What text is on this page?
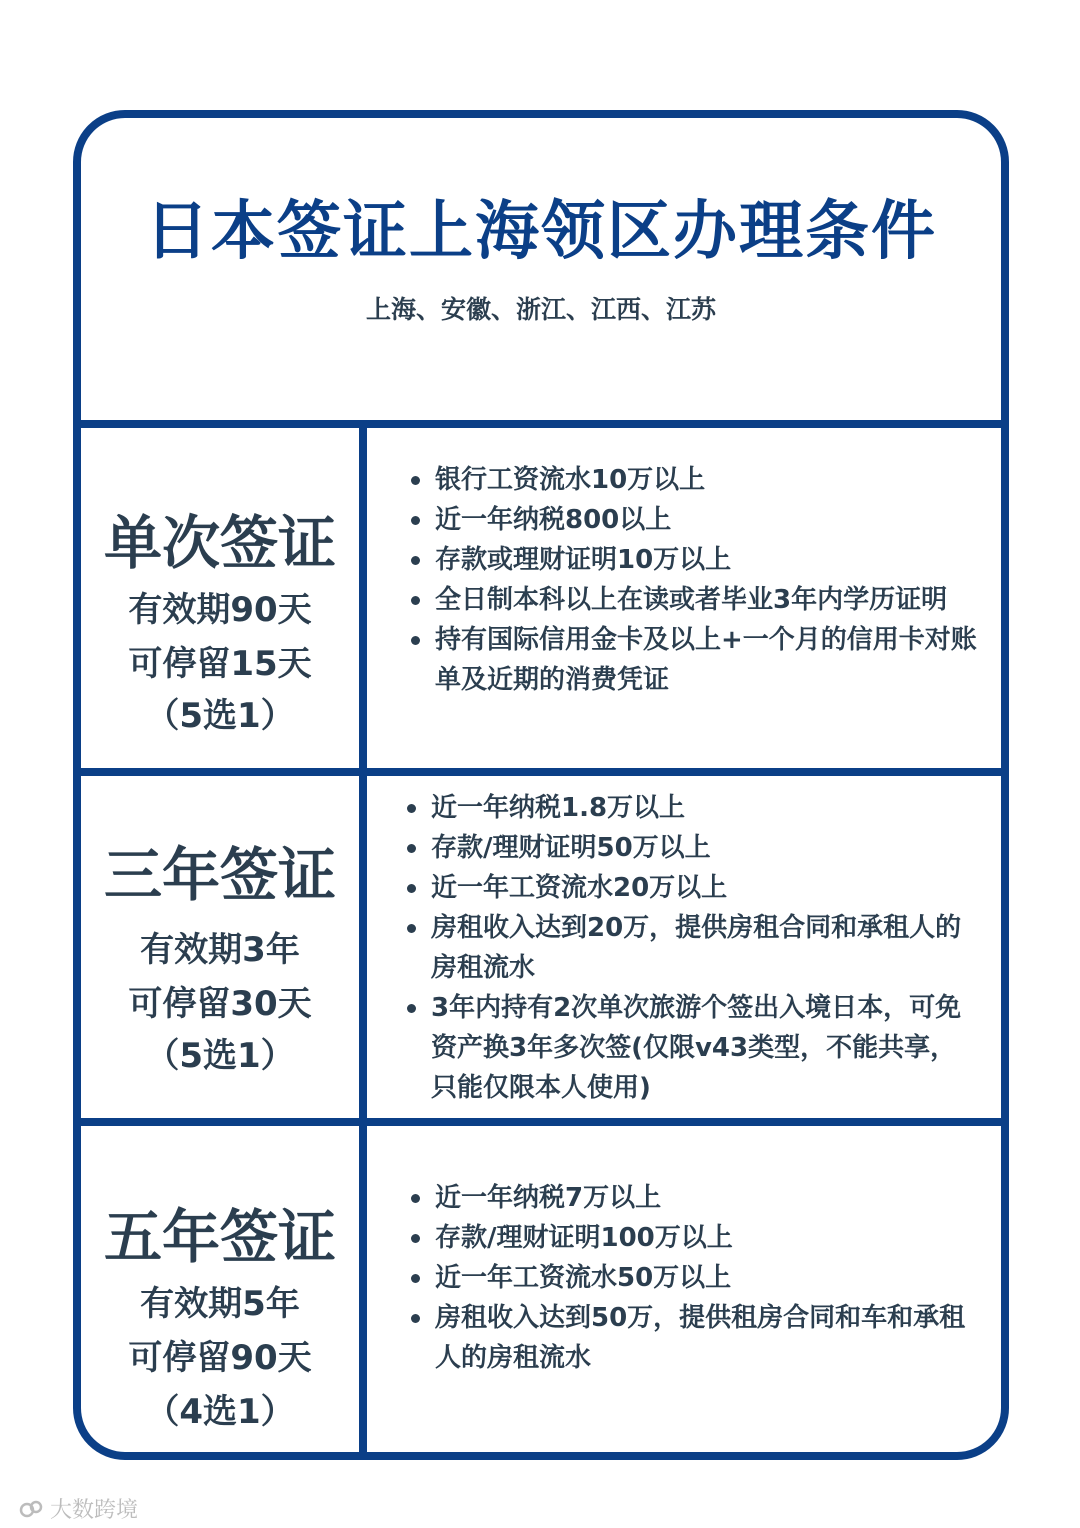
日本签证上海领区办理条件
上海、安徽、浙江、江西、江苏
单次签证
有效期90天
可停留15天
（5选1）
银行工资流水10万以上
近一年纳税800以上
存款或理财证明10万以上
全日制本科以上在读或者毕业3年内学历证明
持有国际信用金卡及以上+一个月的信用卡对账单及近期的消费凭证
三年签证
有效期3年
可停留30天
（5选1）
近一年纳税1.8万以上
存款/理财证明50万以上
近一年工资流水20万以上
房租收入达到20万，提供房租合同和承租人的房租流水
3年内持有2次单次旅游个签出入境日本，可免资产换3年多次签(仅限v43类型，不能共享，只能仅限本人使用)
五年签证
有效期5年
可停留90天
（4选1）
近一年纳税7万以上
存款/理财证明100万以上
近一年工资流水50万以上
房租收入达到50万，提供租房合同和车和承租人的房租流水
大数跨境
